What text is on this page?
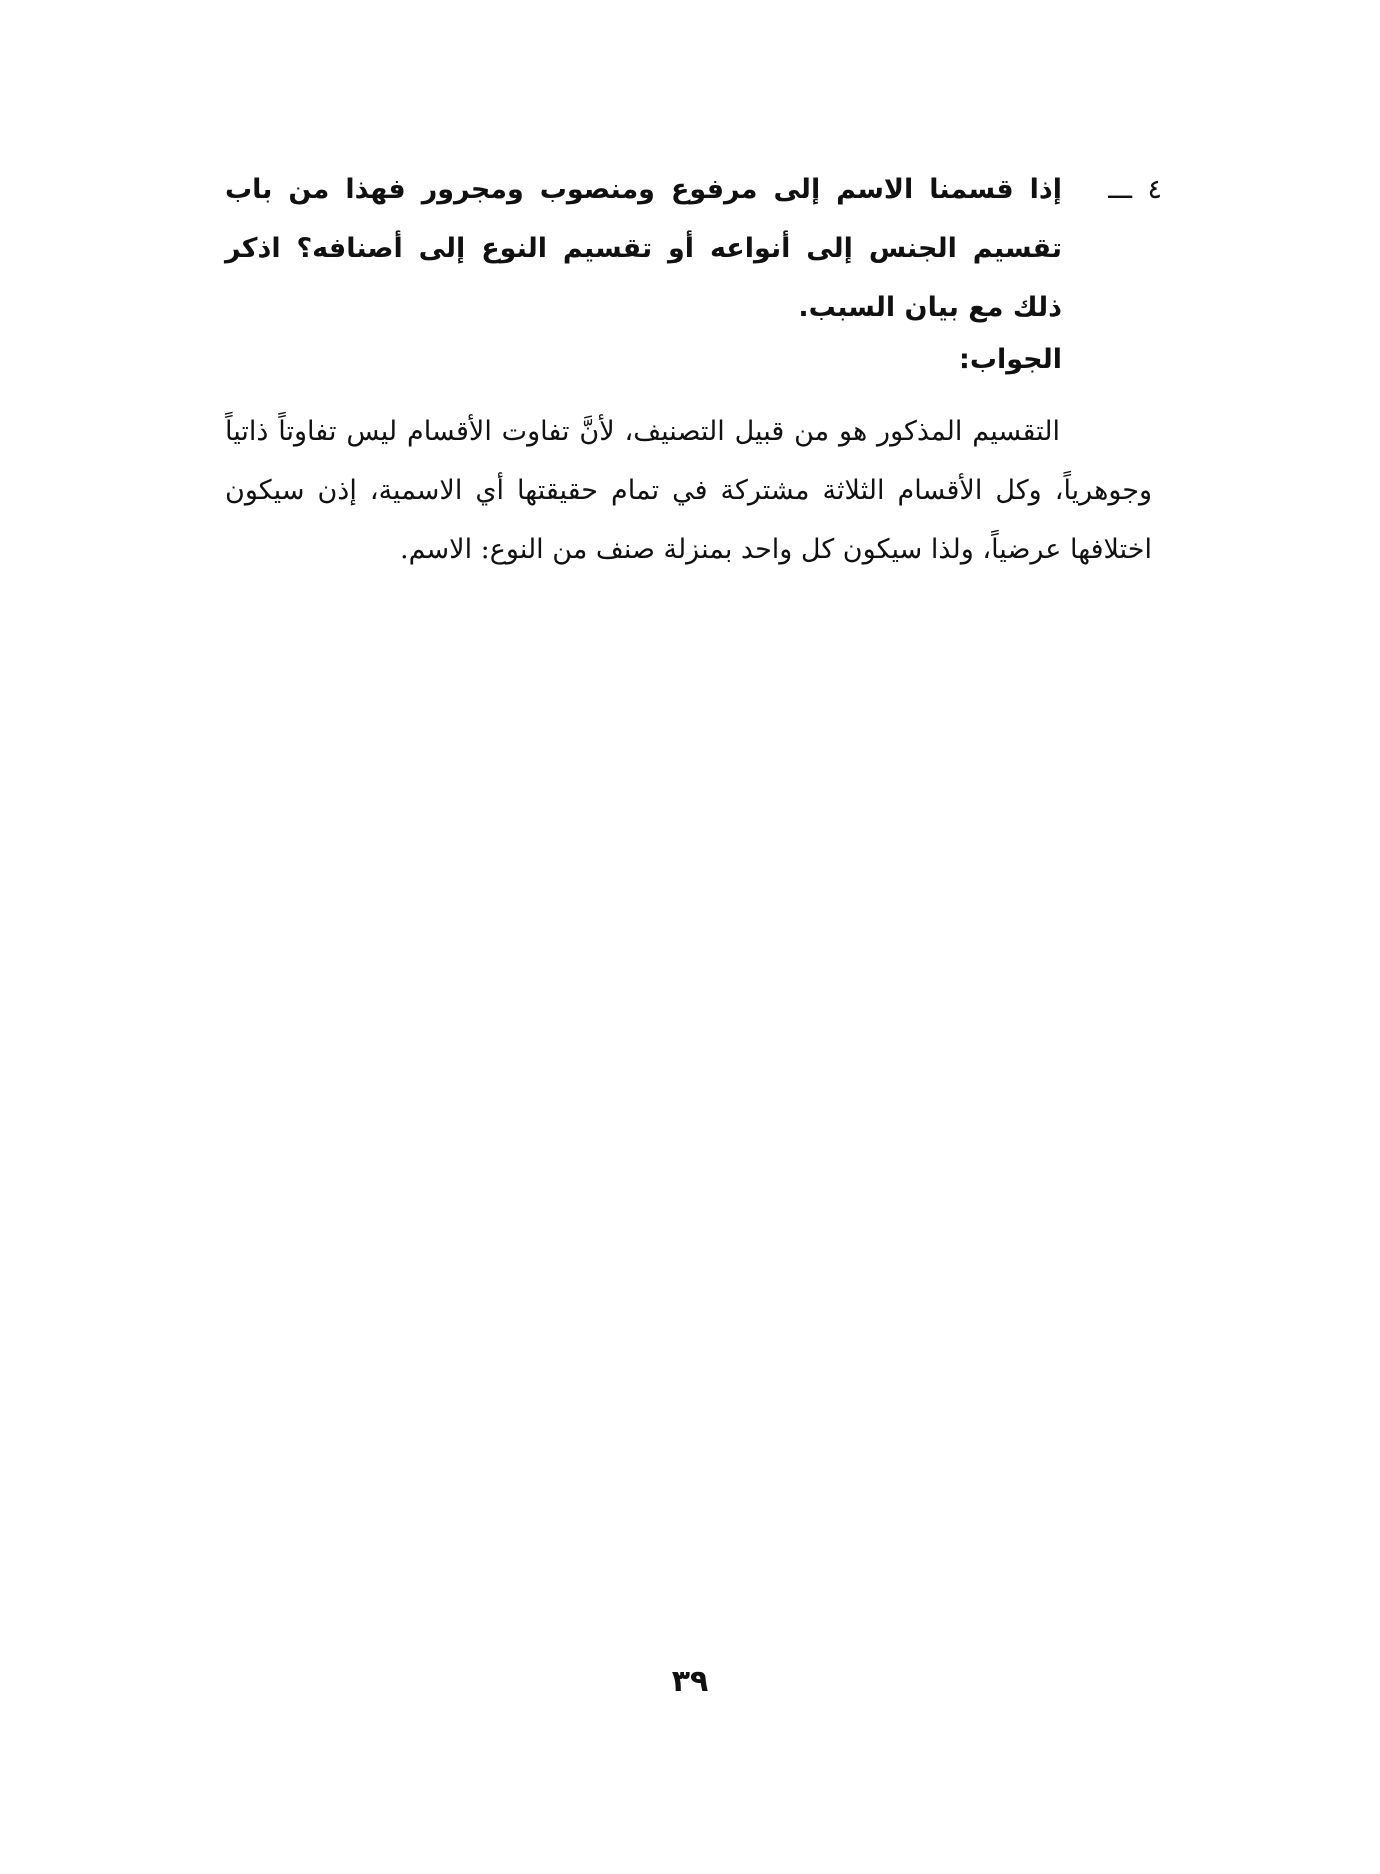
٤
ـــ
إذا قسمنا الاسم إلى مرفوع ومنصوب ومجرور فهذا من باب تقسيم الجنس إلى أنواعه أو تقسيم النوع إلى أصنافه؟ اذكر ذلك مع بيان السبب.
الجواب:
التقسيم المذكور هو من قبيل التصنيف، لأنَّ تفاوت الأقسام ليس تفاوتاً ذاتياً وجوهرياً، وكل الأقسام الثلاثة مشتركة في تمام حقيقتها أي الاسمية، إذن سيكون اختلافها عرضياً، ولذا سيكون كل واحد بمنزلة صنف من النوع: الاسم.
٣٩
